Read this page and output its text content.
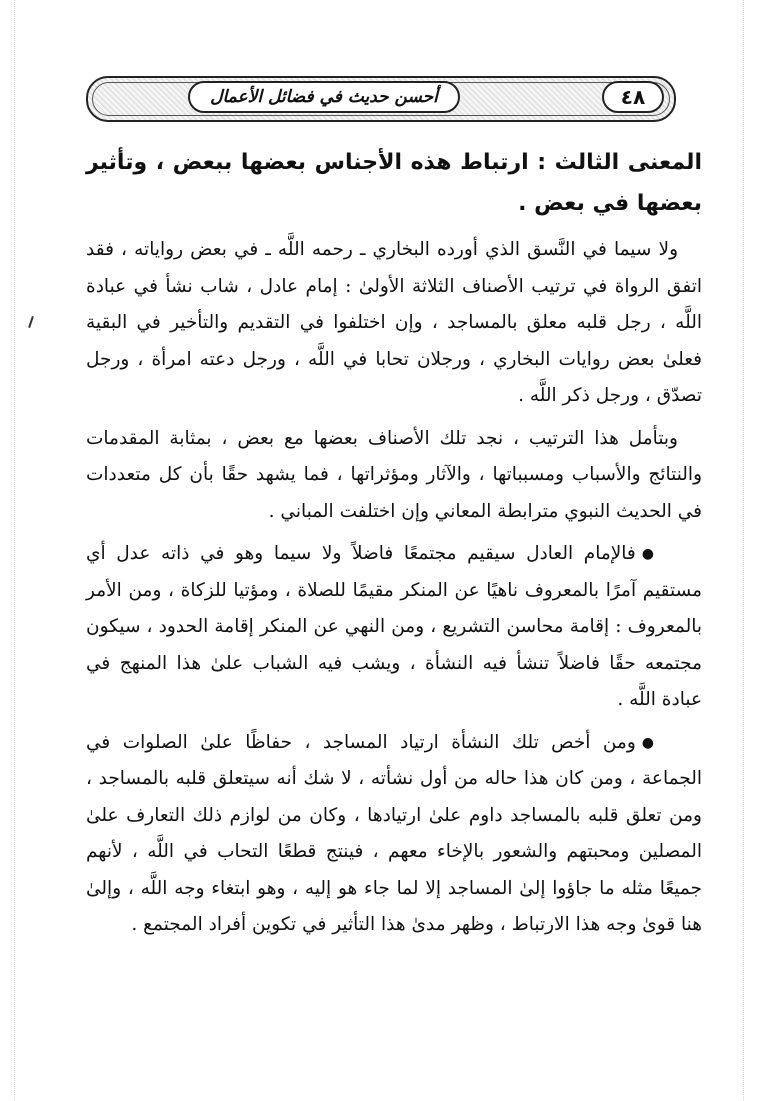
أحسن حديث في فضائل الأعمال	٤٨
المعنى الثالث : ارتباط هذه الأجناس بعضها ببعض ، وتأثير بعضها في بعض .

ولا سيما في النَّسق الذي أورده البخاري ـ رحمه اللَّه ـ في بعض رواياته ، فقد اتفق الرواة في ترتيب الأصناف الثلاثة الأولىٰ : إمام عادل ، شاب نشأ في عبادة اللَّه ، رجل قلبه معلق بالمساجد ، وإن اختلفوا في التقديم والتأخير في البقية فعلىٰ بعض روايات البخاري ، ورجلان تحابا في اللَّه ، ورجل دعته امرأة ، ورجل تصدّق ، ورجل ذكر اللَّه .

وبتأمل هذا الترتيب ، نجد تلك الأصناف بعضها مع بعض ، بمثابة المقدمات والنتائج والأسباب ومسبباتها ، والآثار ومؤثراتها ، فما يشهد حقًا بأن كل متعددات في الحديث النبوي مترابطة المعاني وإن اختلفت المباني .

●فالإمام العادل سيقيم مجتمعًا فاضلاً ولا سيما وهو في ذاته عدل أي مستقيم آمرًا بالمعروف ناهيًا عن المنكر مقيمًا للصلاة ، ومؤتيا للزكاة ، ومن الأمر بالمعروف : إقامة محاسن التشريع ، ومن النهي عن المنكر إقامة الحدود ، سيكون مجتمعه حقًا فاضلاً تنشأ فيه النشأة ، ويشب فيه الشباب علىٰ هذا المنهج في عبادة اللَّه .

●ومن أخص تلك النشأة ارتياد المساجد ، حفاظًا علىٰ الصلوات في الجماعة ، ومن كان هذا حاله من أول نشأته ، لا شك أنه سيتعلق قلبه بالمساجد ، ومن تعلق قلبه بالمساجد داوم علىٰ ارتيادها ، وكان من لوازم ذلك التعارف علىٰ المصلين ومحبتهم والشعور بالإخاء معهم ، فينتج قطعًا التحاب في اللَّه ، لأنهم جميعًا مثله ما جاؤوا إلىٰ المساجد إلا لما جاء هو إليه ، وهو ابتغاء وجه اللَّه ، وإلىٰ هنا قوىٰ وجه هذا الارتباط ، وظهر مدىٰ هذا التأثير في تكوين أفراد المجتمع .
